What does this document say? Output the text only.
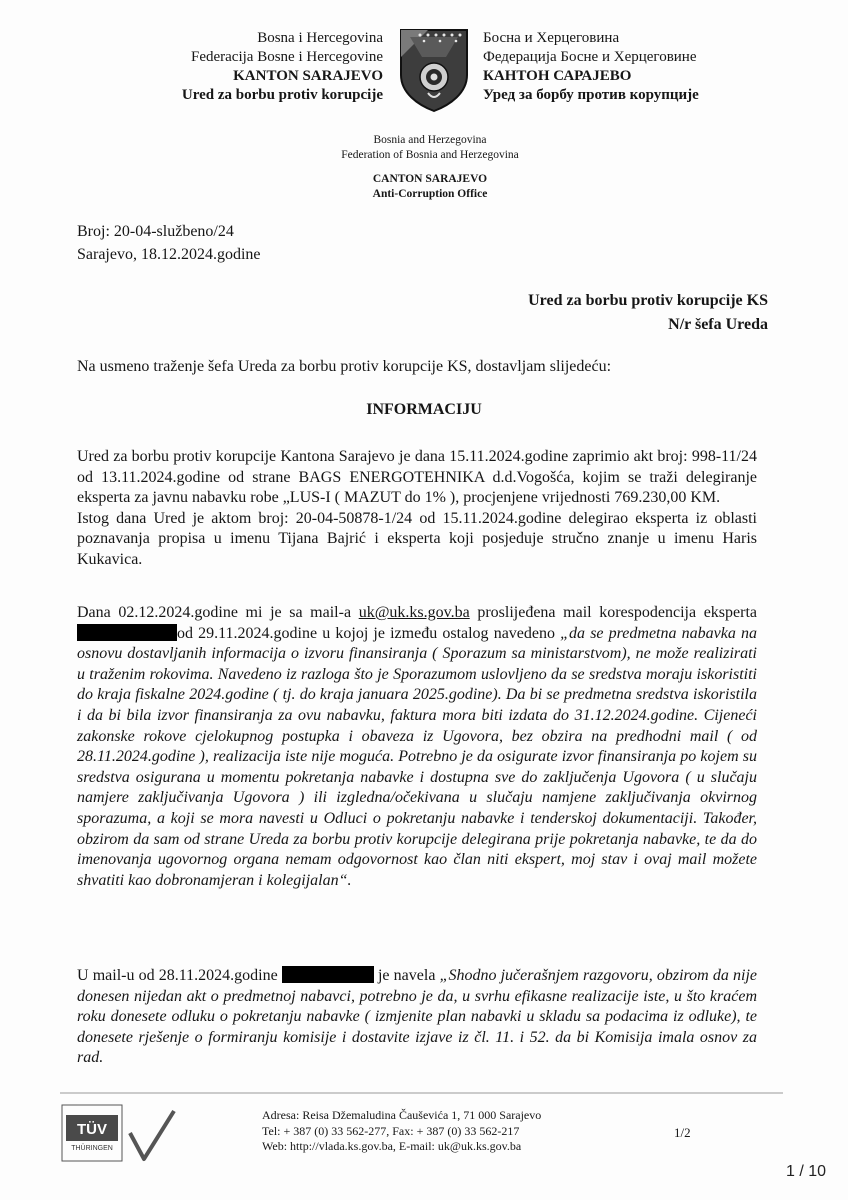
Bosna i Hercegovina
Federacija Bosne i Hercegovine
KANTON SARAJEVO
Ured za borbu protiv korupcije
Босна и Херцеговина
Федерација Босне и Херцеговине
КАНТОН САРАЈЕВО
Уред за борбу против корупције
Bosnia and Herzegovina
Federation of Bosnia and Herzegovina
CANTON SARAJEVO
Anti-Corruption Office
Broj: 20-04-službeno/24
Sarajevo, 18.12.2024.godine
Ured za borbu protiv korupcije KS
N/r šefa Ureda
Na usmeno traženje šefa Ureda za borbu protiv korupcije KS, dostavljam slijedeću:
INFORMACIJU
Ured za borbu protiv korupcije Kantona Sarajevo je dana 15.11.2024.godine zaprimio akt broj: 998-11/24 od 13.11.2024.godine od strane BAGS ENERGOTEHNIKA d.d.Vogošća, kojim se traži delegiranje eksperta za javnu nabavku robe „LUS-I ( MAZUT do 1% ), procjenjene vrijednosti 769.230,00 KM.
Istog dana Ured je aktom broj: 20-04-50878-1/24 od 15.11.2024.godine delegirao eksperta iz oblasti poznavanja propisa u imenu Tijana Bajrić i eksperta koji posjeduje stručno znanje u imenu Haris Kukavica.
Dana 02.12.2024.godine mi je sa mail-a uk@uk.ks.gov.ba proslijeđena mail korespodencija eksperta od 29.11.2024.godine u kojoj je između ostalog navedeno „da se predmetna nabavka na osnovu dostavljanih informacija o izvoru finansiranja ( Sporazum sa ministarstvom), ne može realizirati u traženim rokovima. Navedeno iz razloga što je Sporazumom uslovljeno da se sredstva moraju iskoristiti do kraja fiskalne 2024.godine ( tj. do kraja januara 2025.godine). Da bi se predmetna sredstva iskoristila i da bi bila izvor finansiranja za ovu nabavku, faktura mora biti izdata do 31.12.2024.godine. Cijeneći zakonske rokove cjelokupnog postupka i obaveza iz Ugovora, bez obzira na predhodni mail ( od 28.11.2024.godine ), realizacija iste nije moguća. Potrebno je da osigurate izvor finansiranja po kojem su sredstva osigurana u momentu pokretanja nabavke i dostupna sve do zaključenja Ugovora ( u slučaju namjere zaključivanja Ugovora ) ili izgledna/očekivana u slučaju namjene zaključivanja okvirnog sporazuma, a koji se mora navesti u Odluci o pokretanju nabavke i tenderskoj dokumentaciji. Također, obzirom da sam od strane Ureda za borbu protiv korupcije delegirana prije pokretanja nabavke, te da do imenovanja ugovornog organa nemam odgovornost kao član niti ekspert, moj stav i ovaj mail možete shvatiti kao dobronamjeran i kolegijalan“.
U mail-u od 28.11.2024.godine	je navela „Shodno jučerašnjem razgovoru, obzirom da nije donesen nijedan akt o predmetnoj nabavci, potrebno je da, u svrhu efikasne realizacije iste, u što kraćem roku donesete odluku o pokretanju nabavke ( izmjenite plan nabavki u skladu sa podacima iz odluke), te donesete rješenje o formiranju komisije i dostavite izjave iz čl. 11. i 52. da bi Komisija imala osnov za rad.
TÜV
THÜRINGEN
Adresa: Reisa Džemaludina Čauševića 1, 71 000 Sarajevo
Tel: + 387 (0) 33 562-277, Fax: + 387 (0) 33 562-217
Web: http://vlada.ks.gov.ba, E-mail: uk@uk.ks.gov.ba
1/2
1 / 10
